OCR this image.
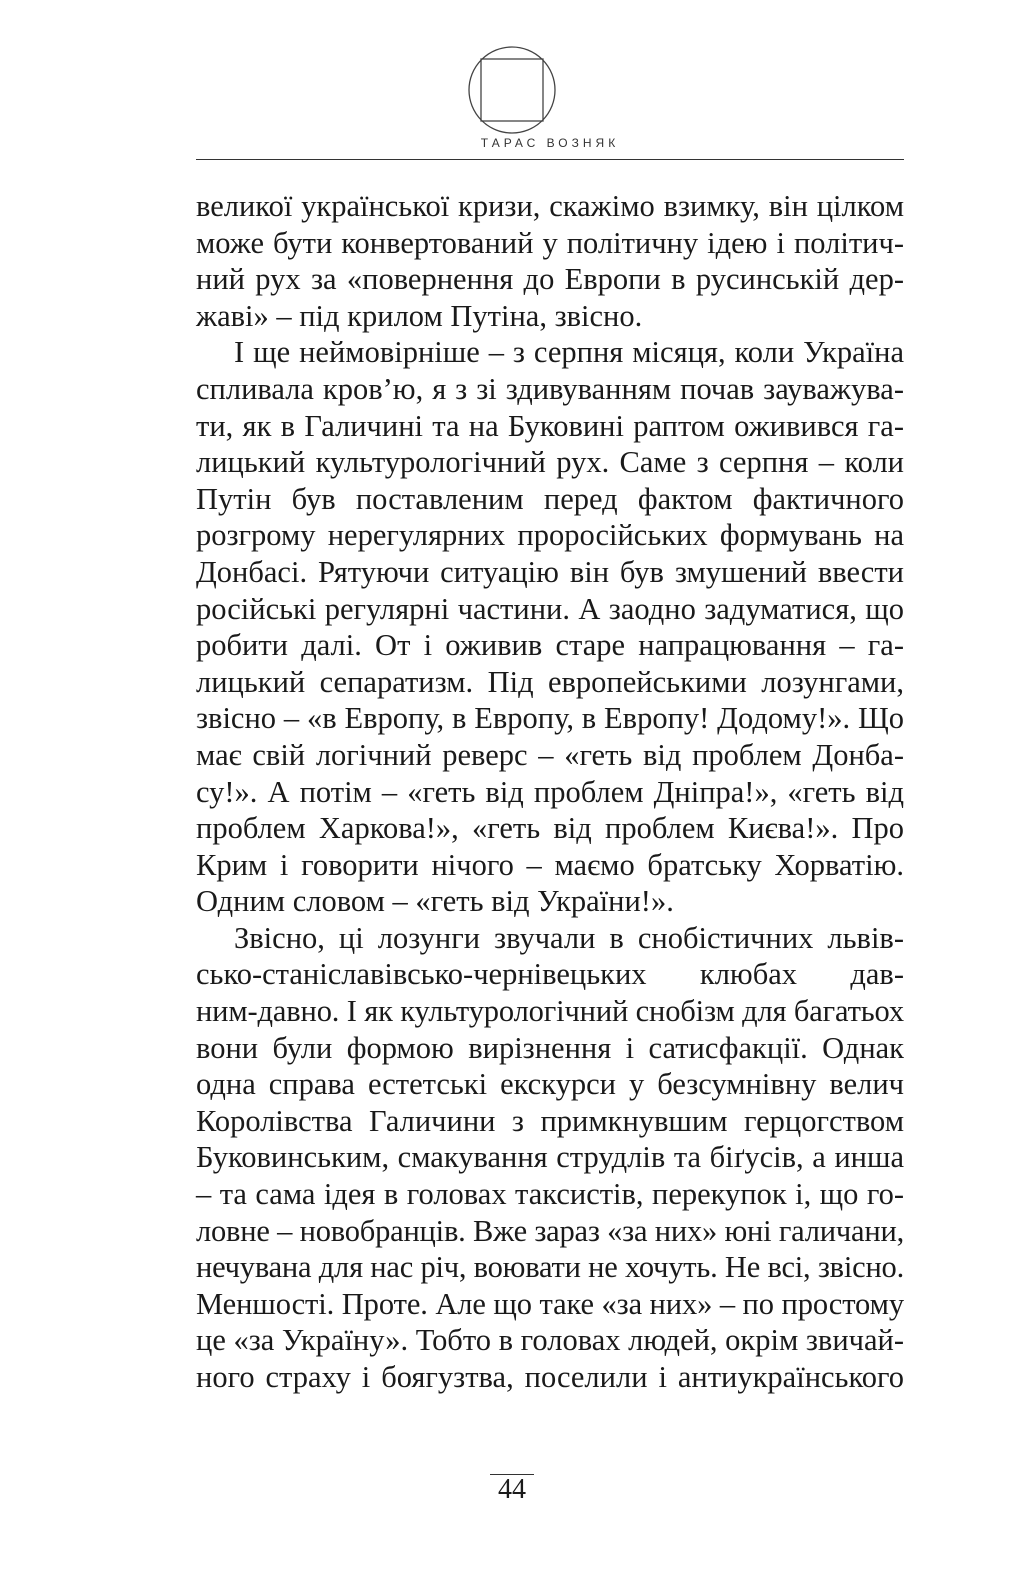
ТАРАС ВОЗНЯК
великої української кризи, скажімо взимку, він цілком
може бути конвертований у політичну ідею і політич-
ний рух за «повернення до Европи в русинській дер-
жаві» – під крилом Путіна, звісно.
І ще неймовірніше – з серпня місяця, коли Україна
спливала кров’ю, я з зі здивуванням почав зауважува-
ти, як в Галичині та на Буковині раптом оживився га-
лицький культурологічний рух. Саме з серпня – коли
Путін був поставленим перед фактом фактичного
розгрому нерегулярних проросійських формувань на
Донбасі. Рятуючи ситуацію він був змушений ввести
російські регулярні частини. А заодно задуматися, що
робити далі. От і оживив старе напрацювання – га-
лицький сепаратизм. Під европейськими лозунгами,
звісно – «в Европу, в Европу, в Европу! Додому!». Що
має свій логічний реверс – «геть від проблем Донба-
су!». А потім – «геть від проблем Дніпра!», «геть від
проблем Харкова!», «геть від проблем Києва!». Про
Крим і говорити нічого – маємо братську Хорватію.
Одним словом – «геть від України!».
Звісно, ці лозунги звучали в снобістичних львів-
сько-станіславівсько-чернівецьких клюбах дав-
ним-давно. І як культурологічний снобізм для багатьох
вони були формою вирізнення і сатисфакції. Однак
одна справа естетські екскурси у безсумнівну велич
Королівства Галичини з примкнувшим герцогством
Буковинським, смакування струдлів та біґусів, а инша
– та сама ідея в головах таксистів, перекупок і, що го-
ловне – новобранців. Вже зараз «за них» юні галичани,
нечувана для нас річ, воювати не хочуть. Не всі, звісно.
Меншості. Проте. Але що таке «за них» – по простому
це «за Україну». Тобто в головах людей, окрім звичай-
ного страху і боягузтва, поселили і антиукраїнського
44
